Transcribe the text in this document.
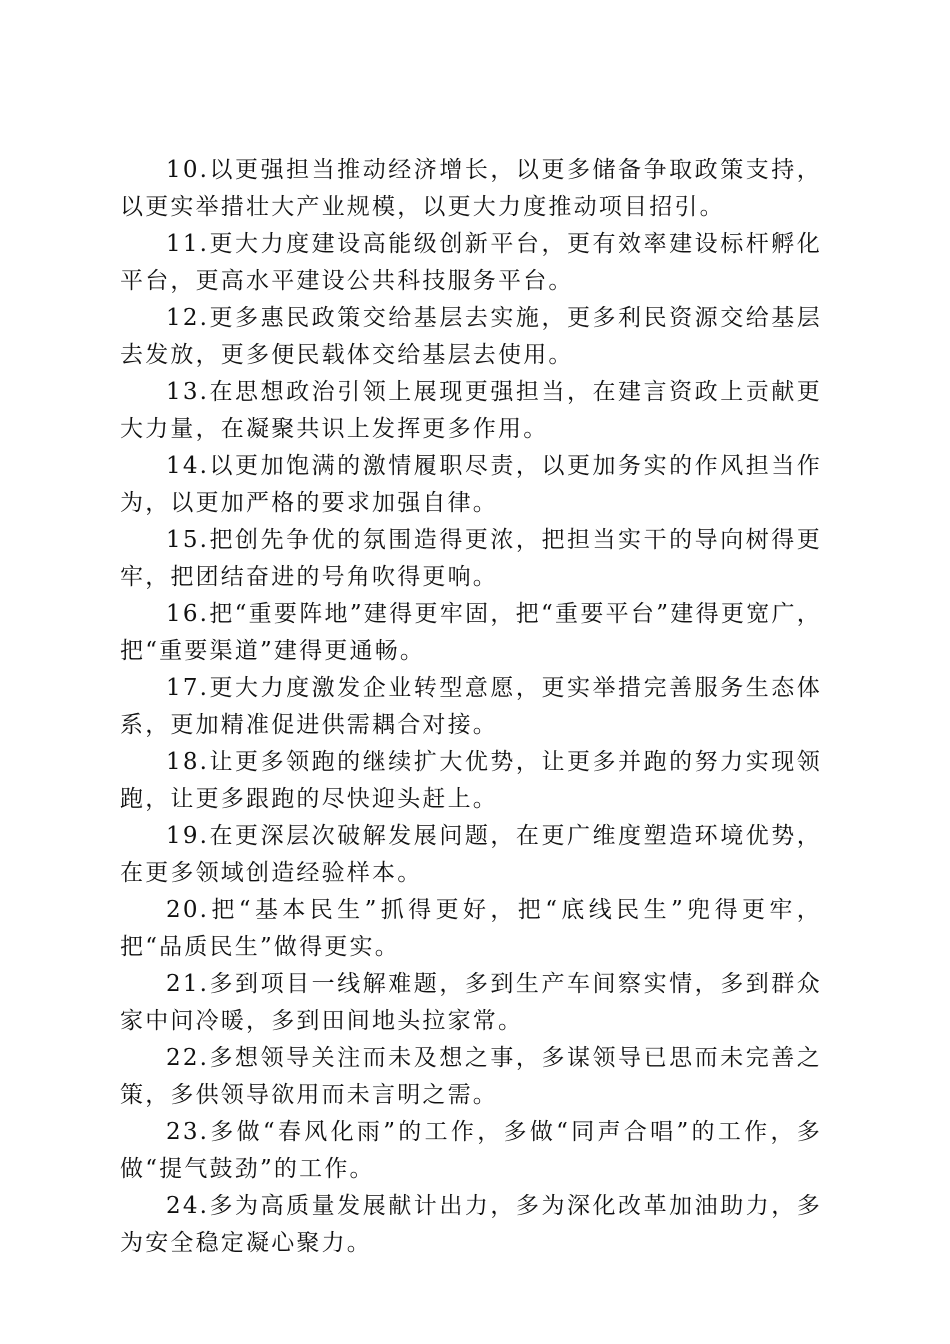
10.以更强担当推动经济增长，以更多储备争取政策支持，以更实举措壮大产业规模，以更大力度推动项目招引。

11.更大力度建设高能级创新平台，更有效率建设标杆孵化平台，更高水平建设公共科技服务平台。

12.更多惠民政策交给基层去实施，更多利民资源交给基层去发放，更多便民载体交给基层去使用。

13.在思想政治引领上展现更强担当，在建言资政上贡献更大力量，在凝聚共识上发挥更多作用。

14.以更加饱满的激情履职尽责，以更加务实的作风担当作为，以更加严格的要求加强自律。

15.把创先争优的氛围造得更浓，把担当实干的导向树得更牢，把团结奋进的号角吹得更响。

16.把“重要阵地”建得更牢固，把“重要平台”建得更宽广，把“重要渠道”建得更通畅。

17.更大力度激发企业转型意愿，更实举措完善服务生态体系，更加精准促进供需耦合对接。

18.让更多领跑的继续扩大优势，让更多并跑的努力实现领跑，让更多跟跑的尽快迎头赶上。

19.在更深层次破解发展问题，在更广维度塑造环境优势，在更多领域创造经验样本。

20.把“基本民生”抓得更好，把“底线民生”兜得更牢，把“品质民生”做得更实。

21.多到项目一线解难题，多到生产车间察实情，多到群众家中问冷暖，多到田间地头拉家常。

22.多想领导关注而未及想之事，多谋领导已思而未完善之策，多供领导欲用而未言明之需。

23.多做“春风化雨”的工作，多做“同声合唱”的工作，多做“提气鼓劲”的工作。

24.多为高质量发展献计出力，多为深化改革加油助力，多为安全稳定凝心聚力。
